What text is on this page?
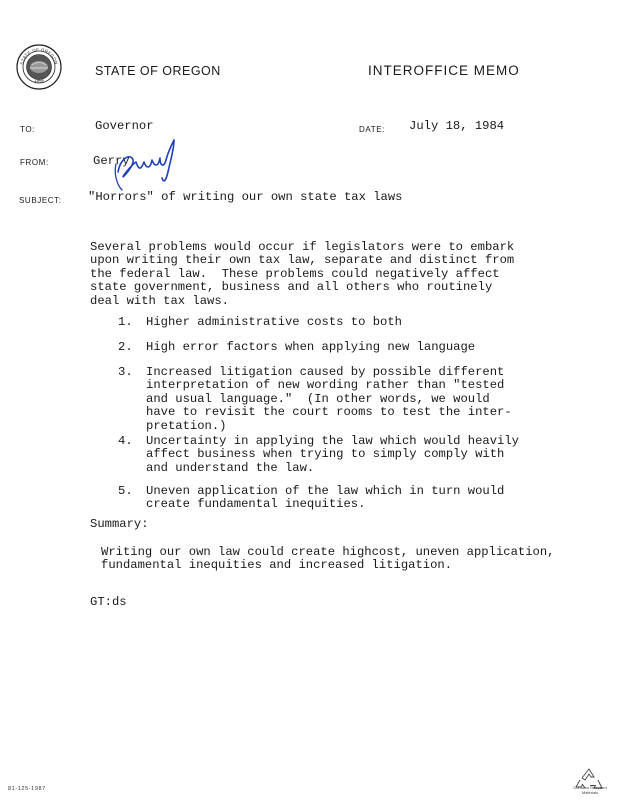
STATE OF OREGON
1859
STATE OF OREGON	INTEROFFICE MEMO
TO:	Governor	DATE: July 18, 1984
FROM:	Gerry
SUBJECT: "Horrors" of writing our own state tax laws
Several problems would occur if legislators were to embark
upon writing their own tax law, separate and distinct from
the federal law.  These problems could negatively affect
state government, business and all others who routinely
deal with tax laws.
1. Higher administrative costs to both
2. High error factors when applying new language
3. Increased litigation caused by possible different
interpretation of new wording rather than "tested
and usual language."  (In other words, we would
have to revisit the court rooms to test the inter-
pretation.)
4. Uncertainty in applying the law which would heavily
affect business when trying to simply comply with
and understand the law.
5. Uneven application of the law which in turn would
create fundamental inequities.
Summary:
Writing our own law could create highcost, uneven application,
fundamental inequities and increased litigation.
GT:ds
81-125-1987	Contains Recycled Materials
